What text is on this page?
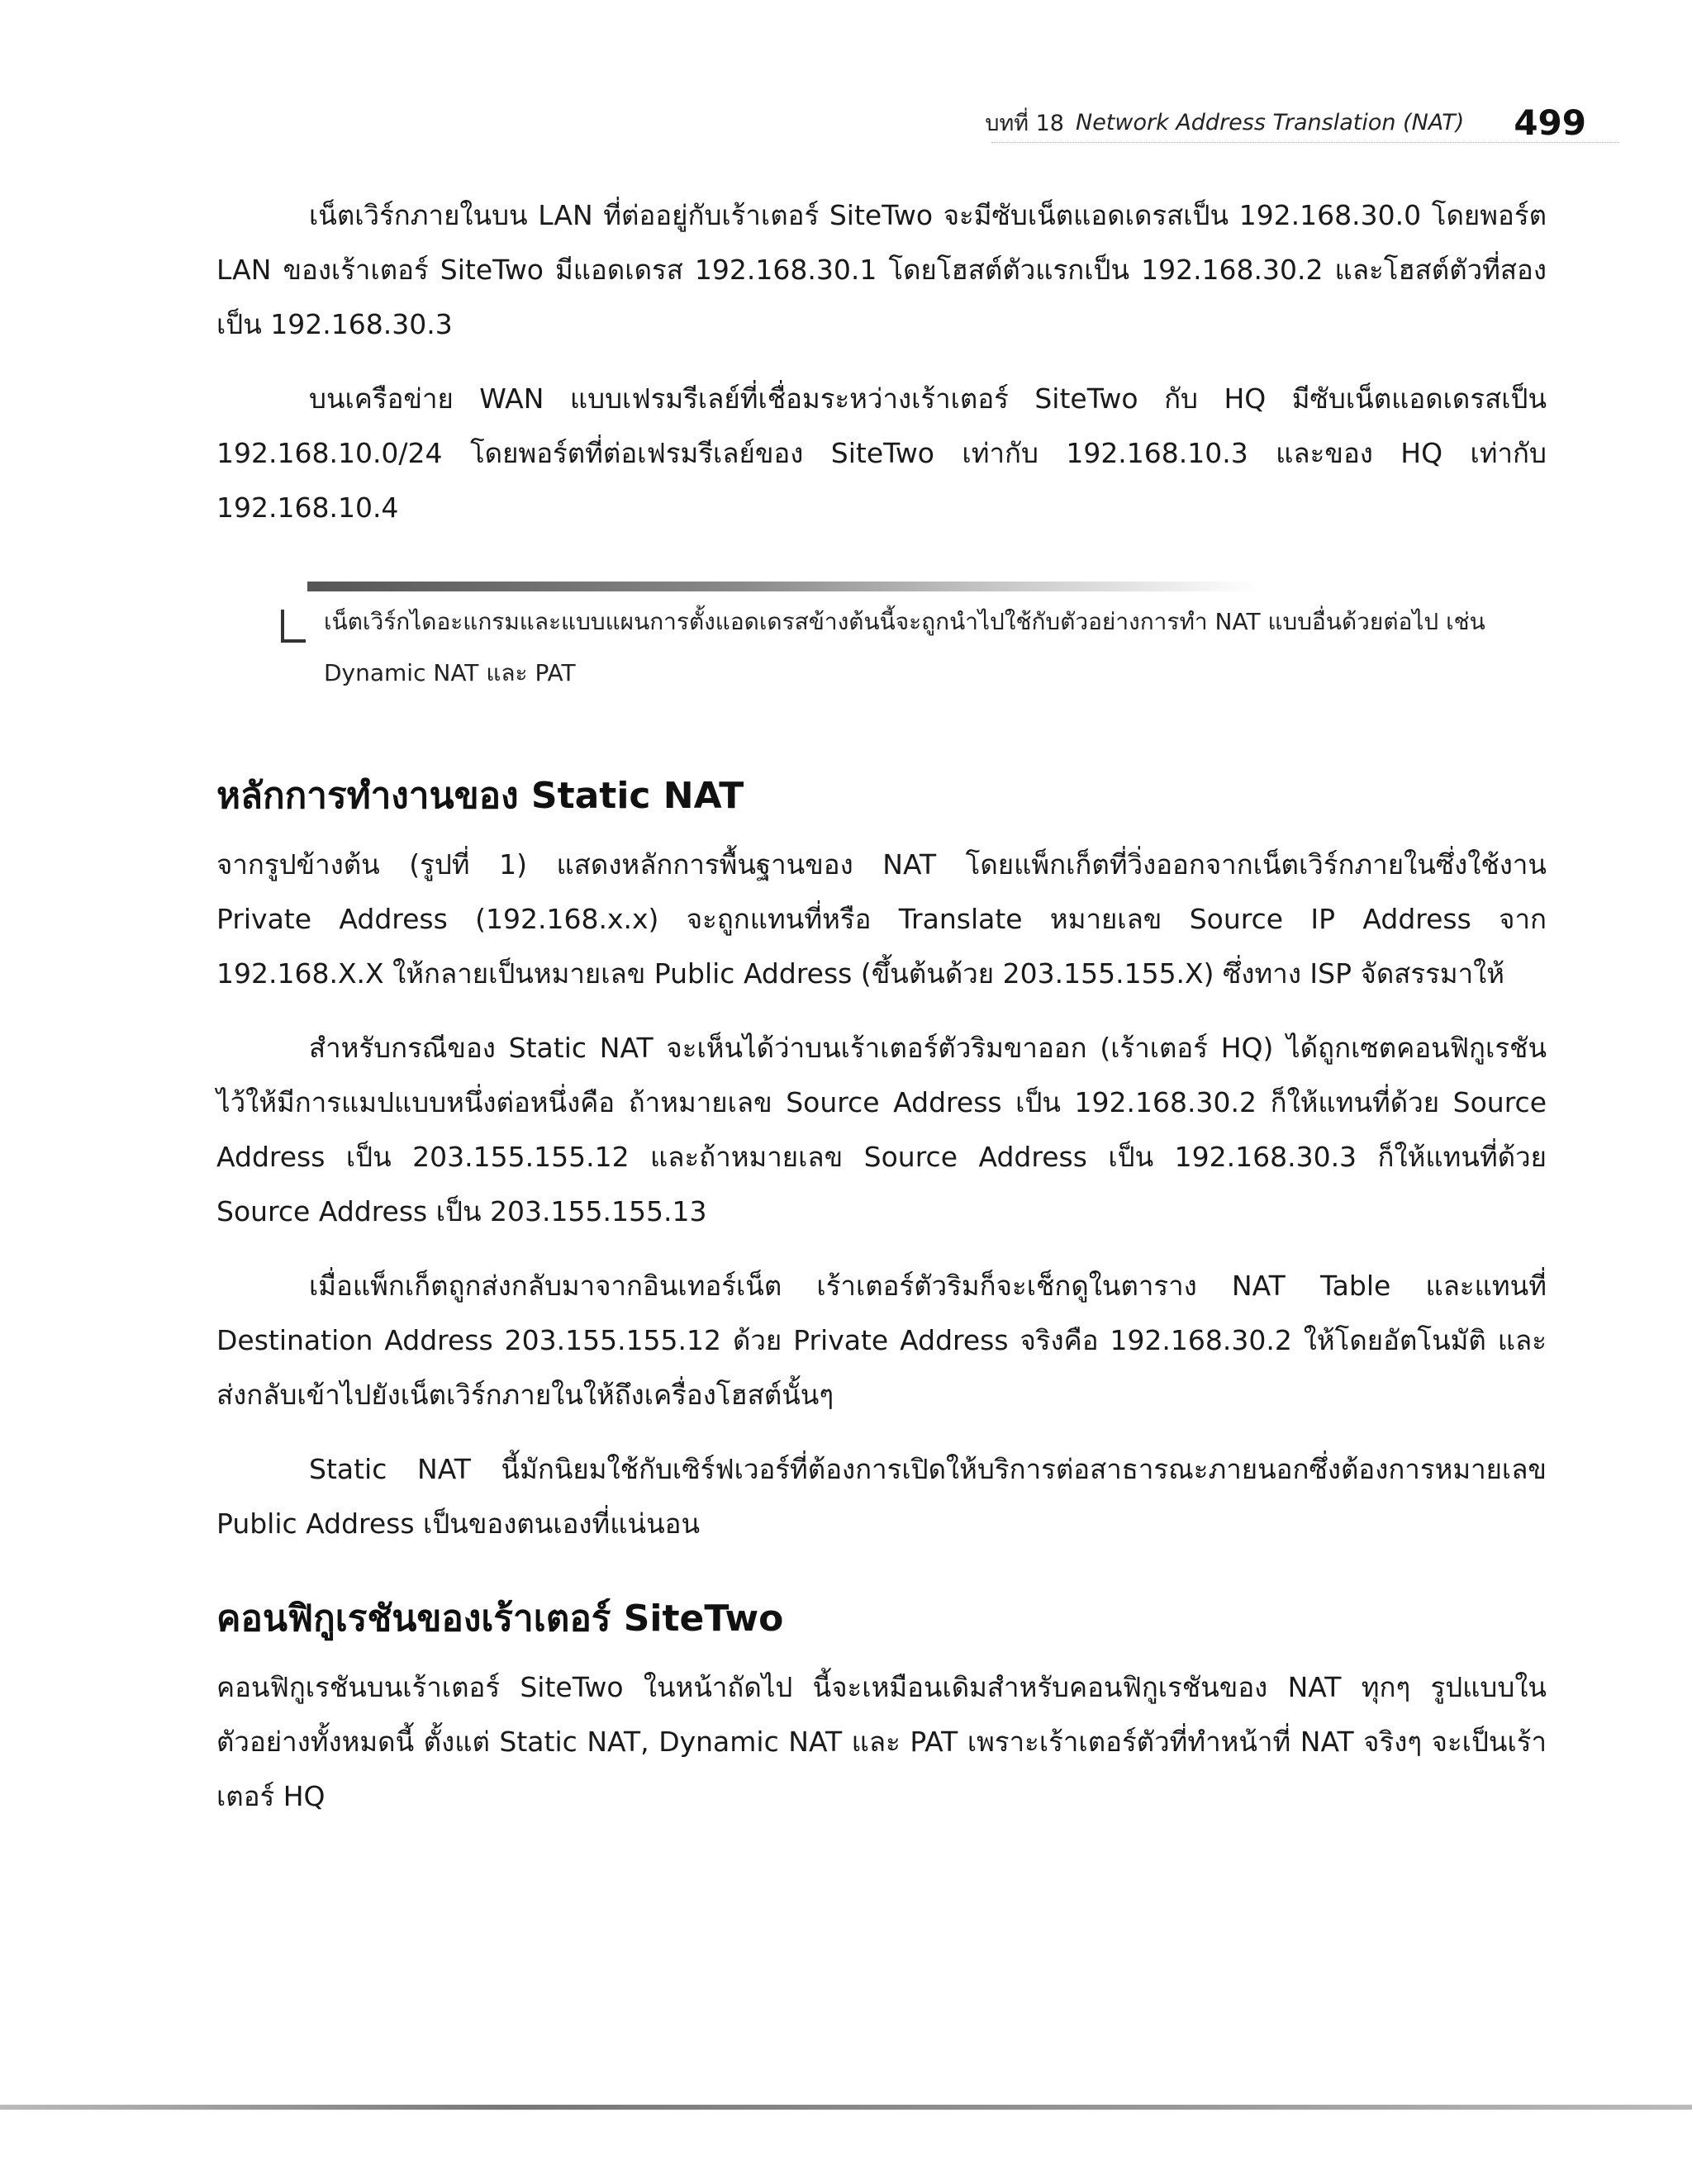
บทที่ 18 Network Address Translation (NAT) 499

เน็ตเวิร์กภายในบน LAN ที่ต่ออยู่กับเร้าเตอร์ SiteTwo จะมีซับเน็ตแอดเดรสเป็น 192.168.30.0 โดยพอร์ต LAN ของเร้าเตอร์ SiteTwo มีแอดเดรส 192.168.30.1 โดยโฮสต์ตัวแรกเป็น 192.168.30.2 และโฮสต์ตัวที่สองเป็น 192.168.30.3

บนเครือข่าย WAN แบบเฟรมรีเลย์ที่เชื่อมระหว่างเร้าเตอร์ SiteTwo กับ HQ มีซับเน็ตแอดเดรสเป็น 192.168.10.0/24 โดยพอร์ตที่ต่อเฟรมรีเลย์ของ SiteTwo เท่ากับ 192.168.10.3 และของ HQ เท่ากับ 192.168.10.4

เน็ตเวิร์กไดอะแกรมและแบบแผนการตั้งแอดเดรสข้างต้นนี้จะถูกนำไปใช้กับตัวอย่างการทำ NAT แบบอื่นด้วยต่อไป เช่น Dynamic NAT และ PAT

หลักการทำงานของ Static NAT

จากรูปข้างต้น (รูปที่ 1) แสดงหลักการพื้นฐานของ NAT โดยแพ็กเก็ตที่วิ่งออกจากเน็ตเวิร์กภายในซึ่งใช้งาน Private Address (192.168.x.x) จะถูกแทนที่หรือ Translate หมายเลข Source IP Address จาก 192.168.X.X ให้กลายเป็นหมายเลข Public Address (ขึ้นต้นด้วย 203.155.155.X) ซึ่งทาง ISP จัดสรรมาให้

สำหรับกรณีของ Static NAT จะเห็นได้ว่าบนเร้าเตอร์ตัวริมขาออก (เร้าเตอร์ HQ) ได้ถูกเซตคอนฟิกูเรชันไว้ให้มีการแมปแบบหนึ่งต่อหนึ่งคือ ถ้าหมายเลข Source Address เป็น 192.168.30.2 ก็ให้แทนที่ด้วย Source Address เป็น 203.155.155.12 และถ้าหมายเลข Source Address เป็น 192.168.30.3 ก็ให้แทนที่ด้วย Source Address เป็น 203.155.155.13

เมื่อแพ็กเก็ตถูกส่งกลับมาจากอินเทอร์เน็ต เร้าเตอร์ตัวริมก็จะเช็กดูในตาราง NAT Table และแทนที่ Destination Address 203.155.155.12 ด้วย Private Address จริงคือ 192.168.30.2 ให้โดยอัตโนมัติ และส่งกลับเข้าไปยังเน็ตเวิร์กภายในให้ถึงเครื่องโฮสต์นั้นๆ

Static NAT นี้มักนิยมใช้กับเซิร์ฟเวอร์ที่ต้องการเปิดให้บริการต่อสาธารณะภายนอกซึ่งต้องการหมายเลข Public Address เป็นของตนเองที่แน่นอน

คอนฟิกูเรชันของเร้าเตอร์ SiteTwo

คอนฟิกูเรชันบนเร้าเตอร์ SiteTwo ในหน้าถัดไป นี้จะเหมือนเดิมสำหรับคอนฟิกูเรชันของ NAT ทุกๆ รูปแบบในตัวอย่างทั้งหมดนี้ ตั้งแต่ Static NAT, Dynamic NAT และ PAT เพราะเร้าเตอร์ตัวที่ทำหน้าที่ NAT จริงๆ จะเป็นเร้าเตอร์ HQ
